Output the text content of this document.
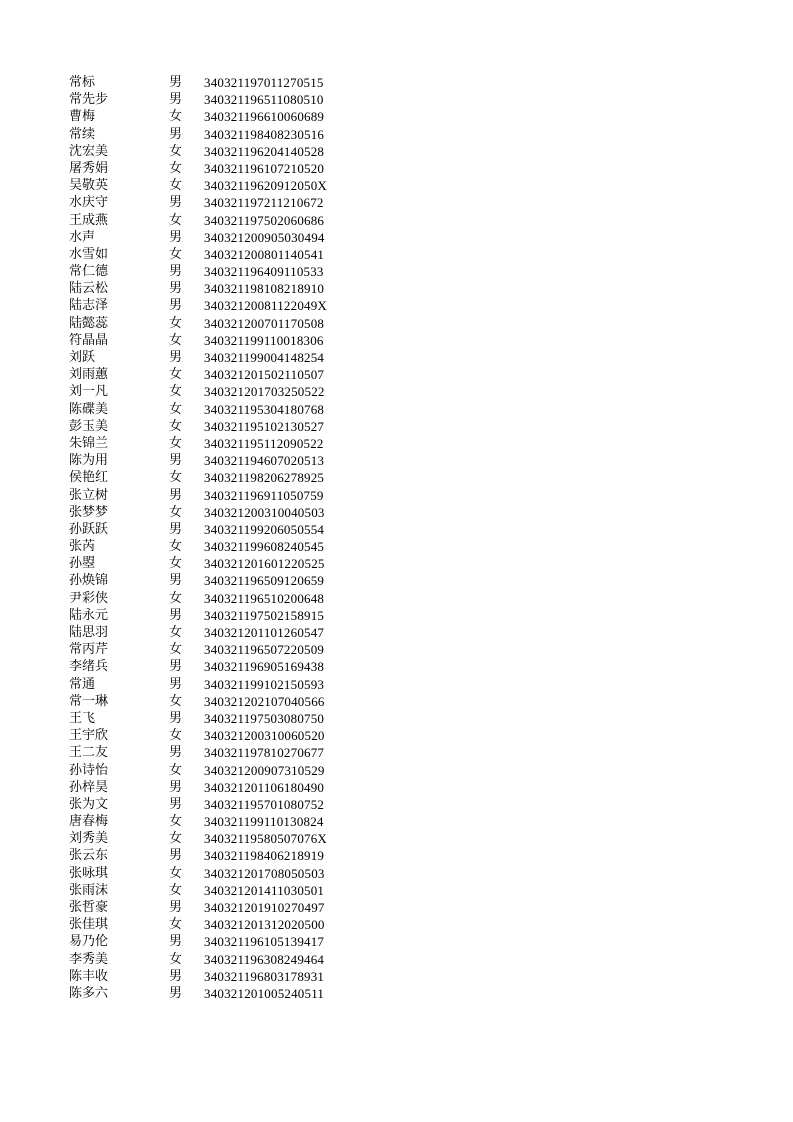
常标	男	340321197011270515
常先步	男	340321196511080510
曹梅	女	340321196610060689
常续	男	340321198408230516
沈宏美	女	340321196204140528
屠秀娟	女	340321196107210520
吴敬英	女	34032119620912050X
水庆守	男	340321197211210672
王成燕	女	340321197502060686
水声	男	340321200905030494
水雪如	女	340321200801140541
常仁德	男	340321196409110533
陆云松	男	340321198108218910
陆志泽	男	34032120081122049X
陆懿蕊	女	340321200701170508
符晶晶	女	340321199110018306
刘跃	男	340321199004148254
刘雨蕙	女	340321201502110507
刘一凡	女	340321201703250522
陈碟美	女	340321195304180768
彭玉美	女	340321195102130527
朱锦兰	女	340321195112090522
陈为用	男	340321194607020513
侯艳红	女	340321198206278925
张立树	男	340321196911050759
张梦梦	女	340321200310040503
孙跃跃	男	340321199206050554
张芮	女	340321199608240545
孙曌	女	340321201601220525
孙焕锦	男	340321196509120659
尹彩侠	女	340321196510200648
陆永元	男	340321197502158915
陆思羽	女	340321201101260547
常丙芹	女	340321196507220509
李绪兵	男	340321196905169438
常通	男	340321199102150593
常一琳	女	340321202107040566
王飞	男	340321197503080750
王宇欣	女	340321200310060520
王二友	男	340321197810270677
孙诗怡	女	340321200907310529
孙梓昊	男	340321201106180490
张为文	男	340321195701080752
唐春梅	女	340321199110130824
刘秀美	女	34032119580507076X
张云东	男	340321198406218919
张咏琪	女	340321201708050503
张雨沫	女	340321201411030501
张哲豪	男	340321201910270497
张佳琪	女	340321201312020500
易乃伦	男	340321196105139417
李秀美	女	340321196308249464
陈丰收	男	340321196803178931
陈多六	男	340321201005240511
